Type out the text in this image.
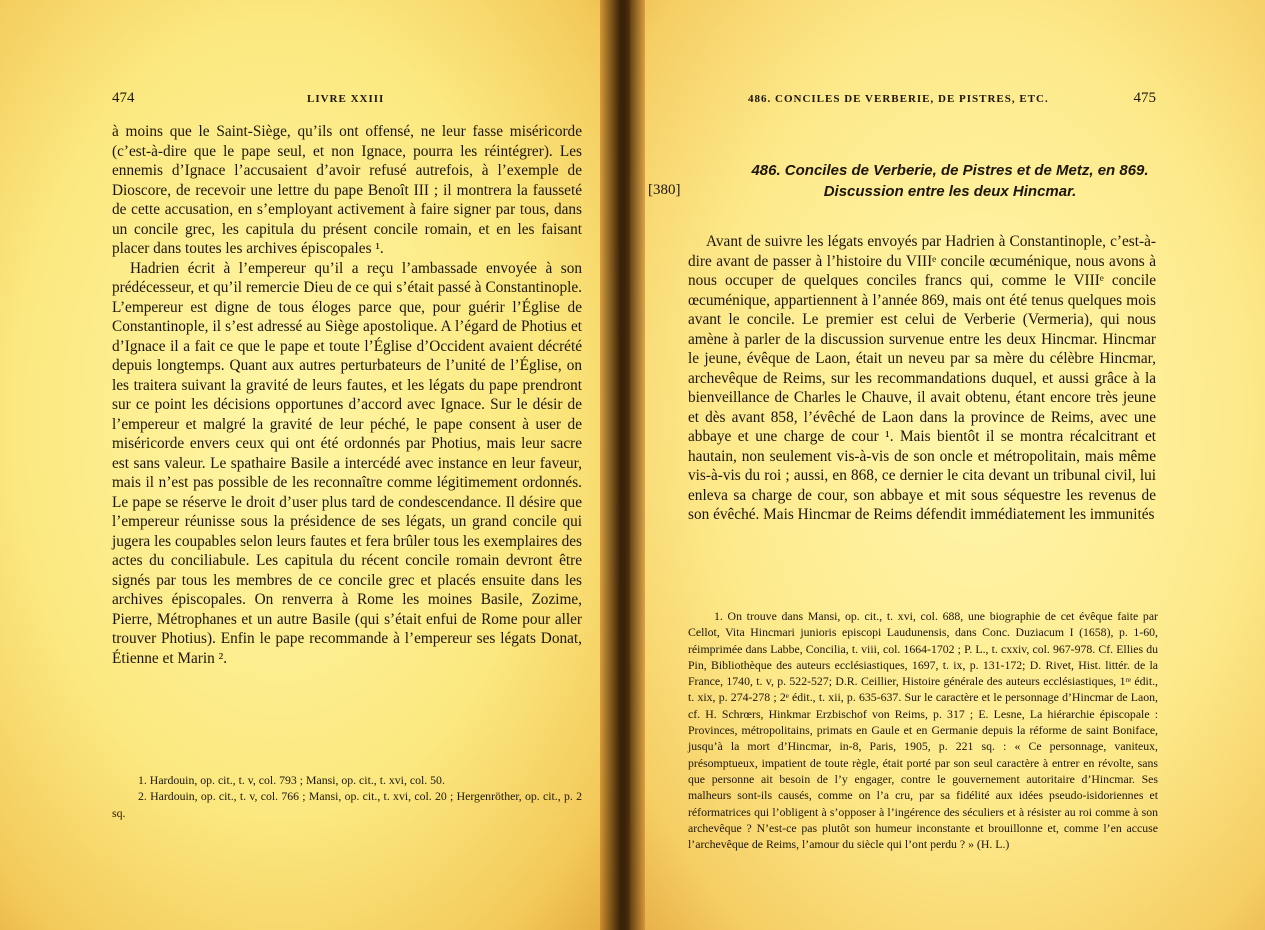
474	LIVRE XXIII

à moins que le Saint-Siège, qu’ils ont offensé, ne leur fasse miséricorde (c’est-à-dire que le pape seul, et non Ignace, pourra les réintégrer). Les ennemis d’Ignace l’accusaient d’avoir refusé autrefois, à l’exemple de Dioscore, de recevoir une lettre du pape Benoît III ; il montrera la fausseté de cette accusation, en s’employant activement à faire signer par tous, dans un concile grec, les capitula du présent concile romain, et en les faisant placer dans toutes les archives épiscopales ¹.

Hadrien écrit à l’empereur qu’il a reçu l’ambassade envoyée à son prédécesseur, et qu’il remercie Dieu de ce qui s’était passé à Constantinople. L’empereur est digne de tous éloges parce que, pour guérir l’Église de Constantinople, il s’est adressé au Siège apostolique. A l’égard de Photius et d’Ignace il a fait ce que le pape et toute l’Église d’Occident avaient décrété depuis longtemps. Quant aux autres perturbateurs de l’unité de l’Église, on les traitera suivant la gravité de leurs fautes, et les légats du pape prendront sur ce point les décisions opportunes d’accord avec Ignace. Sur le désir de l’empereur et malgré la gravité de leur péché, le pape consent à user de miséricorde envers ceux qui ont été ordonnés par Photius, mais leur sacre est sans valeur. Le spathaire Basile a intercédé avec instance en leur faveur, mais il n’est pas possible de les reconnaître comme légitimement ordonnés. Le pape se réserve le droit d’user plus tard de condescendance. Il désire que l’empereur réunisse sous la présidence de ses légats, un grand concile qui jugera les coupables selon leurs fautes et fera brûler tous les exemplaires des actes du conciliabule. Les capitula du récent concile romain devront être signés par tous les membres de ce concile grec et placés ensuite dans les archives épiscopales. On renverra à Rome les moines Basile, Zozime, Pierre, Métrophanes et un autre Basile (qui s’était enfui de Rome pour aller trouver Photius). Enfin le pape recommande à l’empereur ses légats Donat, Étienne et Marin ².

1. Hardouin, op. cit., t. v, col. 793 ; Mansi, op. cit., t. xvi, col. 50.

2. Hardouin, op. cit., t. v, col. 766 ; Mansi, op. cit., t. xvi, col. 20 ; Hergenröther, op. cit., p. 2 sq.

486. CONCILES DE VERBERIE, DE PISTRES, ETC.	475
[380]
486. Conciles de Verberie, de Pistres et de Metz, en 869.
Discussion entre les deux Hincmar.

Avant de suivre les légats envoyés par Hadrien à Constantinople, c’est-à-dire avant de passer à l’histoire du VIIIᵉ concile œcuménique, nous avons à nous occuper de quelques conciles francs qui, comme le VIIIᵉ concile œcuménique, appartiennent à l’année 869, mais ont été tenus quelques mois avant le concile. Le premier est celui de Verberie (Vermeria), qui nous amène à parler de la discussion survenue entre les deux Hincmar. Hincmar le jeune, évêque de Laon, était un neveu par sa mère du célèbre Hincmar, archevêque de Reims, sur les recommandations duquel, et aussi grâce à la bienveillance de Charles le Chauve, il avait obtenu, étant encore très jeune et dès avant 858, l’évêché de Laon dans la province de Reims, avec une abbaye et une charge de cour ¹. Mais bientôt il se montra récalcitrant et hautain, non seulement vis-à-vis de son oncle et métropolitain, mais même vis-à-vis du roi ; aussi, en 868, ce dernier le cita devant un tribunal civil, lui enleva sa charge de cour, son abbaye et mit sous séquestre les revenus de son évêché. Mais Hincmar de Reims défendit immédiatement les immunités

1. On trouve dans Mansi, op. cit., t. xvi, col. 688, une biographie de cet évêque faite par Cellot, Vita Hincmari junioris episcopi Laudunensis, dans Conc. Duziacum I (1658), p. 1-60, réimprimée dans Labbe, Concilia, t. viii, col. 1664-1702 ; P. L., t. cxxiv, col. 967-978. Cf. Ellies du Pin, Bibliothèque des auteurs ecclésiastiques, 1697, t. ix, p. 131-172; D. Rivet, Hist. littér. de la France, 1740, t. v, p. 522-527; D.R. Ceillier, Histoire générale des auteurs ecclésiastiques, 1ʳᵉ édit., t. xix, p. 274-278 ; 2ᵉ édit., t. xii, p. 635-637. Sur le caractère et le personnage d’Hincmar de Laon, cf. H. Schrœrs, Hinkmar Erzbischof von Reims, p. 317 ; E. Lesne, La hiérarchie épiscopale : Provinces, métropolitains, primats en Gaule et en Germanie depuis la réforme de saint Boniface, jusqu’à la mort d’Hincmar, in-8, Paris, 1905, p. 221 sq. : « Ce personnage, vaniteux, présomptueux, impatient de toute règle, était porté par son seul caractère à entrer en révolte, sans que personne ait besoin de l’y engager, contre le gouvernement autoritaire d’Hincmar. Ses malheurs sont-ils causés, comme on l’a cru, par sa fidélité aux idées pseudo-isidoriennes et réformatrices qui l’obligent à s’opposer à l’ingérence des séculiers et à résister au roi comme à son archevêque ? N’est-ce pas plutôt son humeur inconstante et brouillonne et, comme l’en accuse l’archevêque de Reims, l’amour du siècle qui l’ont perdu ? » (H. L.)
